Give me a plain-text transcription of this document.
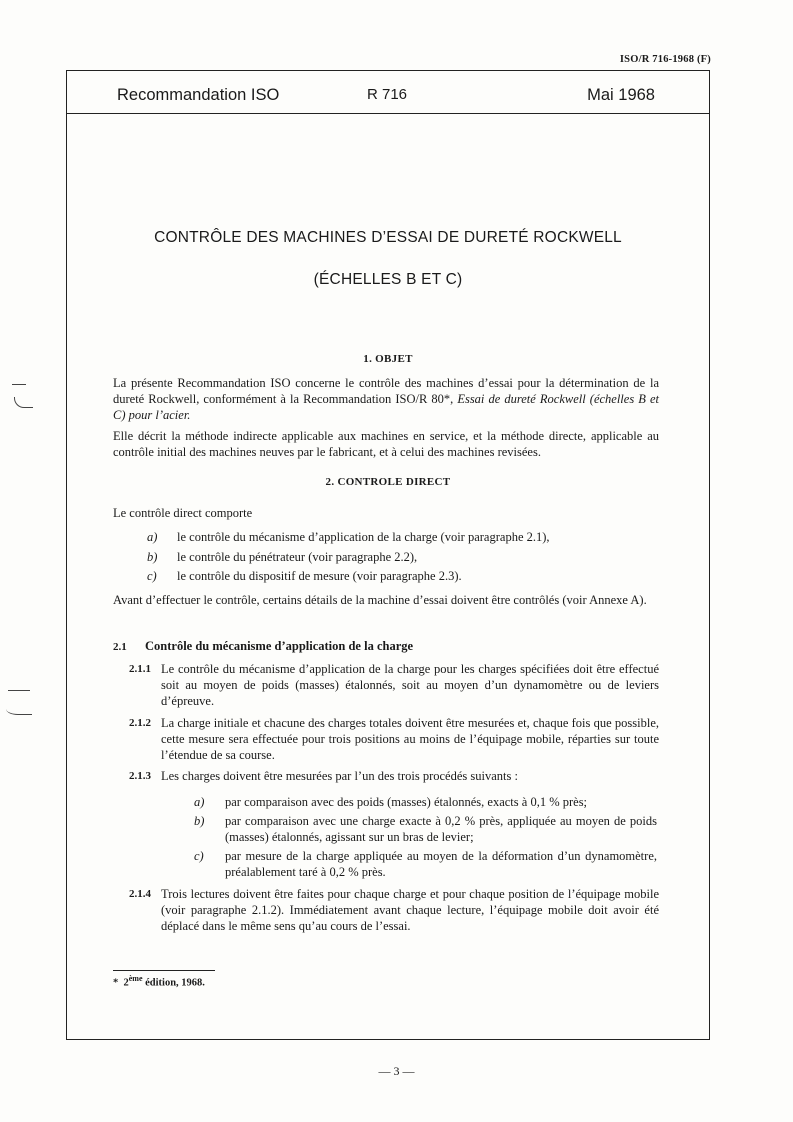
ISO/R 716-1968 (F)
Recommandation ISO	R 716	Mai 1968
CONTRÔLE DES MACHINES D’ESSAI DE DURETÉ ROCKWELL
(ÉCHELLES B ET C)
1. OBJET
La présente Recommandation ISO concerne le contrôle des machines d’essai pour la détermination de la dureté Rockwell, conformément à la Recommandation ISO/R 80*, Essai de dureté Rockwell (échelles B et C) pour l’acier.
Elle décrit la méthode indirecte applicable aux machines en service, et la méthode directe, applicable au contrôle initial des machines neuves par le fabricant, et à celui des machines revisées.
2. CONTROLE DIRECT
Le contrôle direct comporte
a) le contrôle du mécanisme d’application de la charge (voir paragraphe 2.1),
b) le contrôle du pénétrateur (voir paragraphe 2.2),
c) le contrôle du dispositif de mesure (voir paragraphe 2.3).
Avant d’effectuer le contrôle, certains détails de la machine d’essai doivent être contrôlés (voir Annexe A).
2.1 Contrôle du mécanisme d’application de la charge
2.1.1 Le contrôle du mécanisme d’application de la charge pour les charges spécifiées doit être effectué soit au moyen de poids (masses) étalonnés, soit au moyen d’un dynamomètre ou de leviers d’épreuve.
2.1.2 La charge initiale et chacune des charges totales doivent être mesurées et, chaque fois que possible, cette mesure sera effectuée pour trois positions au moins de l’équipage mobile, réparties sur toute l’étendue de sa course.
2.1.3 Les charges doivent être mesurées par l’un des trois procédés suivants :
a) par comparaison avec des poids (masses) étalonnés, exacts à 0,1 % près;
b) par comparaison avec une charge exacte à 0,2 % près, appliquée au moyen de poids (masses) étalonnés, agissant sur un bras de levier;
c) par mesure de la charge appliquée au moyen de la déformation d’un dynamomètre, préalablement taré à 0,2 % près.
2.1.4 Trois lectures doivent être faites pour chaque charge et pour chaque position de l’équipage mobile (voir paragraphe 2.1.2). Immédiatement avant chaque lecture, l’équipage mobile doit avoir été déplacé dans le même sens qu’au cours de l’essai.
* 2ème édition, 1968.
— 3 —
